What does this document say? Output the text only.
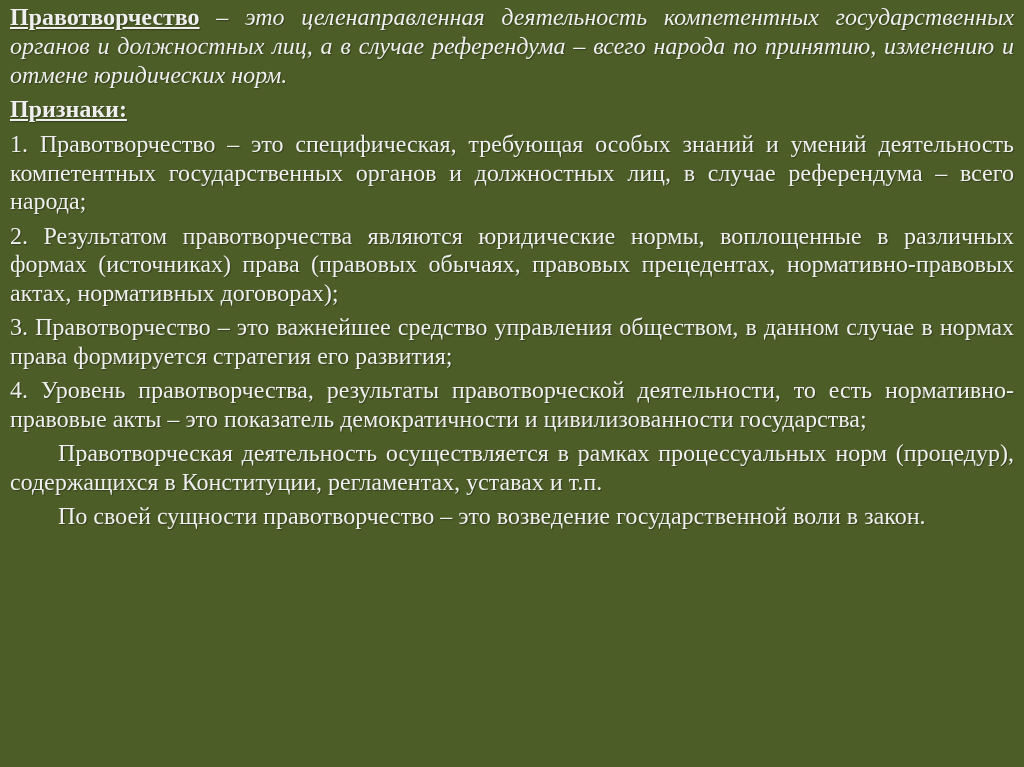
Правотворчество – это целенаправленная деятельность компетентных государственных органов и должностных лиц, а в случае референдума – всего народа по принятию, изменению и отмене юридических норм.

Признаки:

1. Правотворчество – это специфическая, требующая особых знаний и умений деятельность компетентных государственных органов и должностных лиц, в случае референдума – всего народа;

2. Результатом правотворчества являются юридические нормы, воплощенные в различных формах (источниках) права (правовых обычаях, правовых прецедентах, нормативно-правовых актах, нормативных договорах);

3. Правотворчество – это важнейшее средство управления обществом, в данном случае в нормах права формируется стратегия его развития;

4. Уровень правотворчества, результаты правотворческой деятельности, то есть нормативно-правовые акты – это показатель демократичности и цивилизованности государства;

Правотворческая деятельность осуществляется в рамках процессуальных норм (процедур), содержащихся в Конституции, регламентах, уставах и т.п.

По своей сущности правотворчество – это возведение государственной воли в закон.
